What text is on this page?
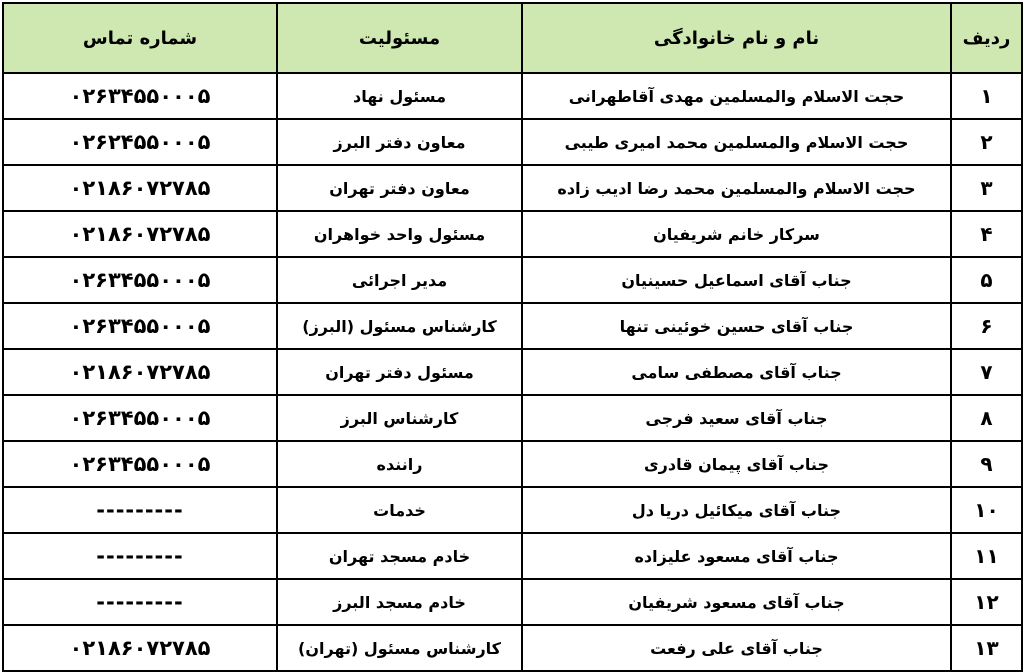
ردیف	نام و نام خانوادگی	مسئولیت	شماره تماس
۱	حجت الاسلام والمسلمین مهدی آقاطهرانی	مسئول نهاد	۰۲۶۳۴۵۵۰۰۰۵
۲	حجت الاسلام والمسلمین محمد امیری طیبی	معاون دفتر البرز	۰۲۶۲۴۵۵۰۰۰۵
۳	حجت الاسلام والمسلمین محمد رضا ادیب زاده	معاون دفتر تهران	۰۲۱۸۶۰۷۲۷۸۵
۴	سرکار خانم شریفیان	مسئول واحد خواهران	۰۲۱۸۶۰۷۲۷۸۵
۵	جناب آقای اسماعیل حسینیان	مدیر اجرائی	۰۲۶۳۴۵۵۰۰۰۵
۶	جناب آقای حسین خوئینی تنها	کارشناس مسئول (البرز)	۰۲۶۳۴۵۵۰۰۰۵
۷	جناب آقای مصطفی سامی	مسئول دفتر تهران	۰۲۱۸۶۰۷۲۷۸۵
۸	جناب آقای سعید فرجی	کارشناس البرز	۰۲۶۳۴۵۵۰۰۰۵
۹	جناب آقای پیمان قادری	راننده	۰۲۶۳۴۵۵۰۰۰۵
۱۰	جناب آقای میکائیل دریا دل	خدمات	---------
۱۱	جناب آقای مسعود علیزاده	خادم مسجد تهران	---------
۱۲	جناب آقای مسعود شریفیان	خادم مسجد البرز	---------
۱۳	جناب آقای علی رفعت	کارشناس مسئول (تهران)	۰۲۱۸۶۰۷۲۷۸۵
